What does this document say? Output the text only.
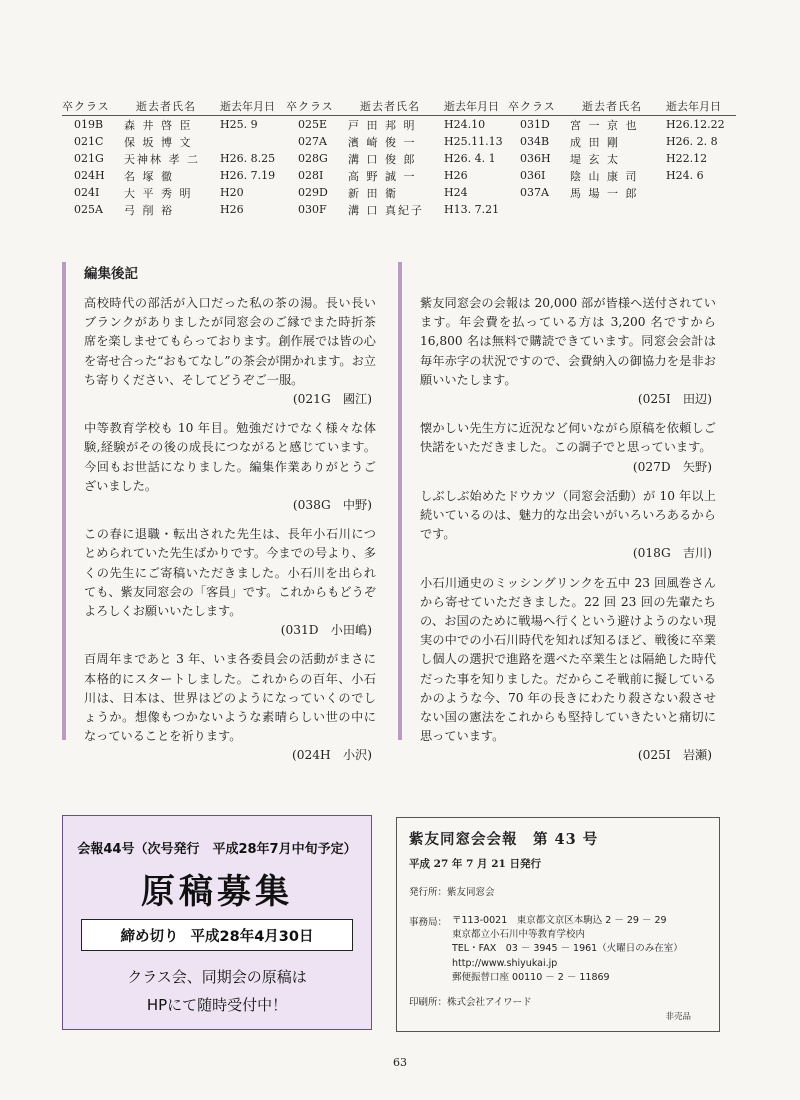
卒クラス	逝去者氏名	逝去年月日
019B	森 井 啓 臣	H25. 9
021C	保 坂 博 文
021G	天神林 孝 二	H26. 8.25
024H	名 塚 徹	H26. 7.19
024I	大 平 秀 明	H20
025A	弓 削 裕	H26
卒クラス	逝去者氏名	逝去年月日
025E	戸 田 邦 明	H24.10
027A	濱 崎 俊 一	H25.11.13
028G	溝 口 俊 郎	H26. 4. 1
028I	高 野 誠 一	H26
029D	新 田 衛	H24
030F	溝 口 真紀子	H13. 7.21
卒クラス	逝去者氏名	逝去年月日
031D	宮 一 京 也	H26.12.22
034B	成 田 剛	H26. 2. 8
036H	堤 玄 太	H22.12
036I	陰 山 康 司	H24. 6
037A	馬 場 一 郎
編集後記

高校時代の部活が入口だった私の茶の湯。長い長いブランクがありましたが同窓会のご縁でまた時折茶席を楽しませてもらっております。創作展では皆の心を寄せ合った“おもてなし”の茶会が開かれます。お立ち寄りください、そしてどうぞご一服。

(021G　國江)

中等教育学校も 10 年目。勉強だけでなく様々な体験,経験がその後の成長につながると感じています。今回もお世話になりました。編集作業ありがとうございました。

(038G　中野)

この春に退職・転出された先生は、長年小石川につとめられていた先生ばかりです。今までの号より、多くの先生にご寄稿いただきました。小石川を出られても、紫友同窓会の「客員」です。これからもどうぞよろしくお願いいたします。

(031D　小田嶋)

百周年まであと 3 年、いま各委員会の活動がまさに本格的にスタートしました。これからの百年、小石川は、日本は、世界はどのようになっていくのでしょうか。想像もつかないような素晴らしい世の中になっていることを祈ります。

(024H　小沢)

紫友同窓会の会報は 20,000 部が皆様へ送付されています。年会費を払っている方は 3,200 名ですから 16,800 名は無料で購読できています。同窓会会計は毎年赤字の状況ですので、会費納入の御協力を是非お願いいたします。

(025I　田辺)

懐かしい先生方に近況など伺いながら原稿を依頼しご快諾をいただきました。この調子でと思っています。

(027D　矢野)

しぶしぶ始めたドウカツ（同窓会活動）が 10 年以上続いているのは、魅力的な出会いがいろいろあるからです。

(018G　吉川)

小石川通史のミッシングリンクを五中 23 回風巻さんから寄せていただきました。22 回 23 回の先輩たちの、お国のために戦場へ行くという避けようのない現実の中での小石川時代を知れば知るほど、戦後に卒業し個人の選択で進路を選べた卒業生とは隔絶した時代だった事を知りました。だからこそ戦前に擬しているかのような今、70 年の長きにわたり殺さない殺させない国の憲法をこれからも堅持していきたいと痛切に思っています。

(025I　岩瀬)
会報44号（次号発行　平成28年7月中旬予定）
原稿募集
締め切り 平成28年4月30日
クラス会、同期会の原稿は
HPにて随時受付中！
紫友同窓会会報　第 43 号
平成 27 年 7 月 21 日発行
発行所：紫友同窓会
事務局： 〒113-0021　東京都文京区本駒込 2 － 29 － 29
東京都立小石川中等教育学校内
TEL・FAX　03 － 3945 － 1961（火曜日のみ在室）
http://www.shiyukai.jp
郵便振替口座 00110 － 2 － 11869
印刷所：株式会社アイワード
非売品
63
